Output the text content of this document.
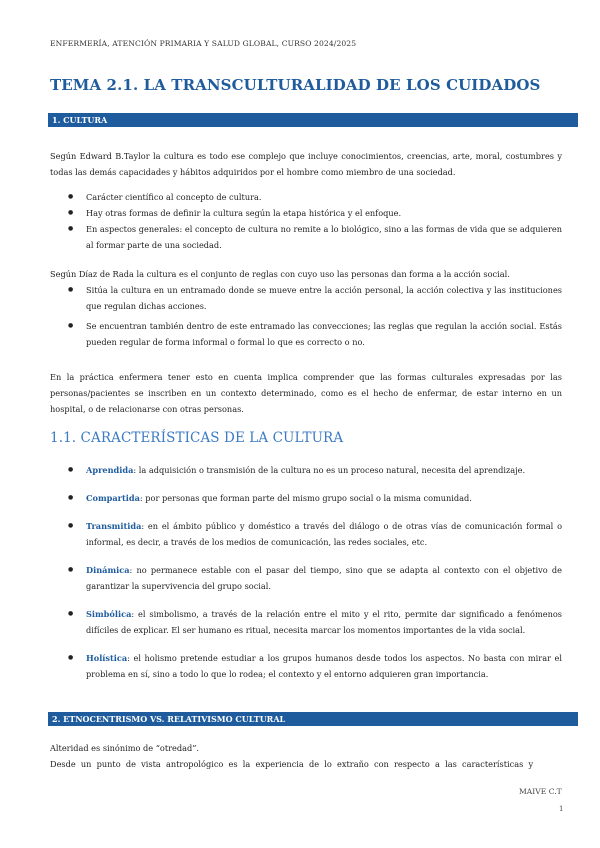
ENFERMERÍA, ATENCIÓN PRIMARIA Y SALUD GLOBAL, CURSO 2024/2025
TEMA 2.1. LA TRANSCULTURALIDAD DE LOS CUIDADOS
1. CULTURA

Según Edward B.Taylor la cultura es todo ese complejo que incluye conocimientos, creencias, arte, moral, costumbres y todas las demás capacidades y hábitos adquiridos por el hombre como miembro de una sociedad.

● Carácter científico al concepto de cultura.
● Hay otras formas de definir la cultura según la etapa histórica y el enfoque.
● En aspectos generales: el concepto de cultura no remite a lo biológico, sino a las formas de vida que se adquieren al formar parte de una sociedad.

Según Díaz de Rada la cultura es el conjunto de reglas con cuyo uso las personas dan forma a la acción social.

● Sitúa la cultura en un entramado donde se mueve entre la acción personal, la acción colectiva y las instituciones que regulan dichas acciones.
● Se encuentran también dentro de este entramado las convecciones; las reglas que regulan la acción social. Estás pueden regular de forma informal o formal lo que es correcto o no.

En la práctica enfermera tener esto en cuenta implica comprender que las formas culturales expresadas por las personas/pacientes se inscriben en un contexto determinado, como es el hecho de enfermar, de estar interno en un hospital, o de relacionarse con otras personas.

1.1. CARACTERÍSTICAS DE LA CULTURA
● Aprendida: la adquisición o transmisión de la cultura no es un proceso natural, necesita del aprendizaje.
● Compartida: por personas que forman parte del mismo grupo social o la misma comunidad.
● Transmitida: en el ámbito público y doméstico a través del diálogo o de otras vías de comunicación formal o informal, es decir, a través de los medios de comunicación, las redes sociales, etc.
● Dinámica: no permanece estable con el pasar del tiempo, sino que se adapta al contexto con el objetivo de garantizar la supervivencia del grupo social.
● Simbólica: el simbolismo, a través de la relación entre el mito y el rito, permite dar significado a fenómenos difíciles de explicar. El ser humano es ritual, necesita marcar los momentos importantes de la vida social.
● Holística: el holismo pretende estudiar a los grupos humanos desde todos los aspectos. No basta con mirar el problema en sí, sino a todo lo que lo rodea; el contexto y el entorno adquieren gran importancia.
2. ETNOCENTRISMO VS. RELATIVISMO CULTURAL

Alteridad es sinónimo de “otredad”.

Desde un punto de vista antropológico es la experiencia de lo extraño con respecto a las características y

MAIVE C.T
1
